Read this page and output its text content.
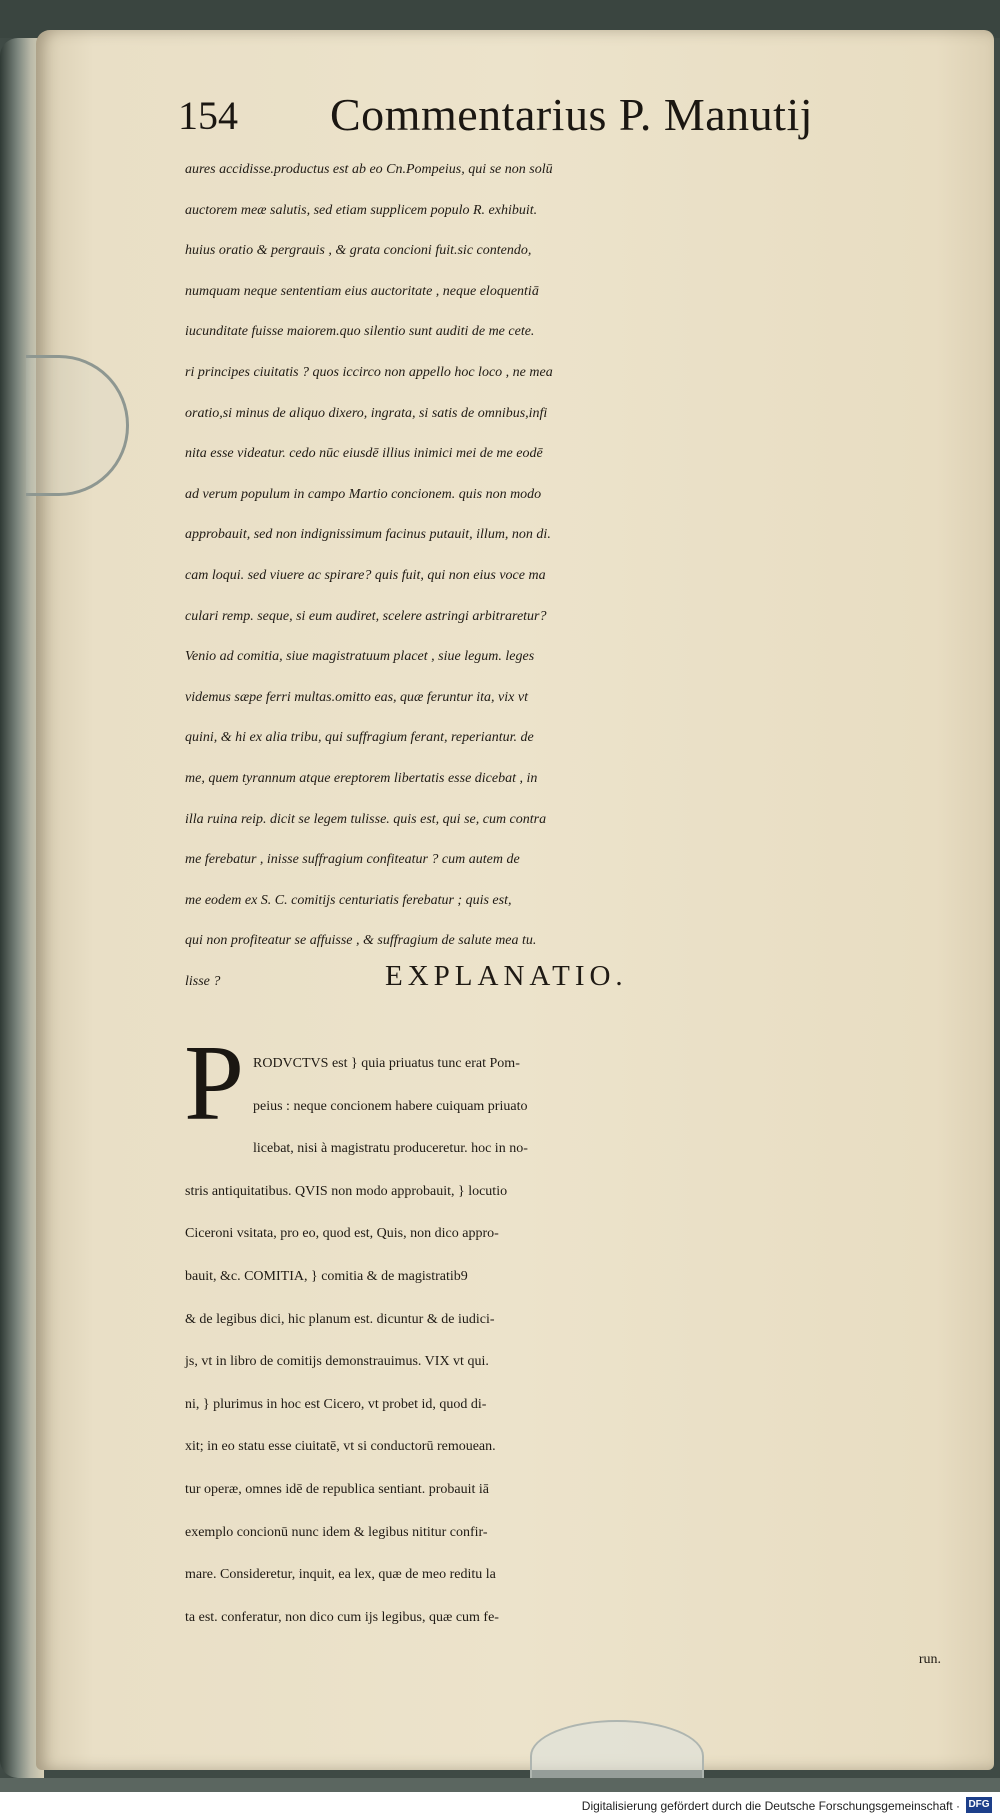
154 Commentarius P. Manutij
aures accidisse.productus est ab eo Cn.Pompeius, qui se non solū
auctorem meæ salutis, sed etiam supplicem populo R. exhibuit.
huius oratio & pergrauis , & grata concioni fuit.sic contendo,
numquam neque sententiam eius auctoritate , neque eloquentiā
iucunditate fuisse maiorem.quo silentio sunt auditi de me cete.
ri principes ciuitatis ? quos iccirco non appello hoc loco , ne mea
oratio,si minus de aliquo dixero, ingrata, si satis de omnibus,infi
nita esse videatur. cedo nūc eiusdē illius inimici mei de me eodē
ad verum populum in campo Martio concionem. quis non modo
approbauit, sed non indignissimum facinus putauit, illum, non di.
cam loqui. sed viuere ac spirare? quis fuit, qui non eius voce ma
culari remp. seque, si eum audiret, scelere astringi arbitraretur?
Venio ad comitia, siue magistratuum placet , siue legum. leges
videmus sæpe ferri multas.omitto eas, quæ feruntur ita, vix vt
quini, & hi ex alia tribu, qui suffragium ferant, reperiantur. de
me, quem tyrannum atque ereptorem libertatis esse dicebat , in
illa ruina reip. dicit se legem tulisse. quis est, qui se, cum contra
me ferebatur , inisse suffragium confiteatur ? cum autem de
me eodem ex S. C. comitijs centuriatis ferebatur ; quis est,
qui non profiteatur se affuisse , & suffragium de salute mea tu.
lisse ?	EXPLANATIO.
P RODVCTVS est } quia priuatus tunc erat Pom-
peius : neque concionem habere cuiquam priuato
licebat, nisi à magistratu produceretur. hoc in no-
stris antiquitatibus. QVIS non modo approbauit, } locutio
Ciceroni vsitata, pro eo, quod est, Quis, non dico appro-
bauit, &c. COMITIA, } comitia & de magistratib9
& de legibus dici, hic planum est. dicuntur & de iudici-
js, vt in libro de comitijs demonstrauimus. VIX vt qui.
ni, } plurimus in hoc est Cicero, vt probet id, quod di-
xit; in eo statu esse ciuitatē, vt si conductorū remouean.
tur operæ, omnes idē de republica sentiant. probauit iā
exemplo concionū nunc idem & legibus nititur confir-
mare. Consideretur, inquit, ea lex, quæ de meo reditu la
ta est. conferatur, non dico cum ijs legibus, quæ cum fe-
run.
Digitalisierung gefördert durch die Deutsche Forschungsgemeinschaft · DFG
